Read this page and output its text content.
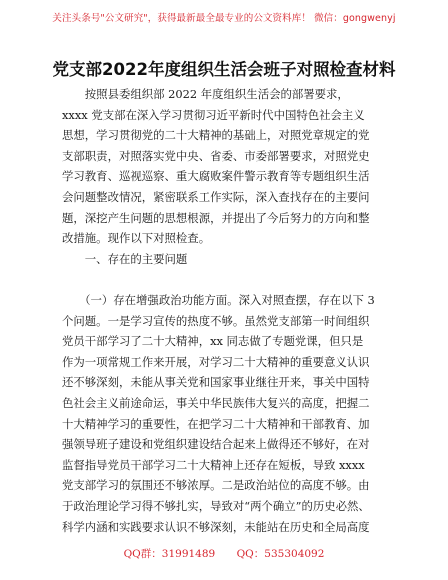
关注头条号"公文研究"，获得最新最全最专业的公文资料库！ 微信：gongwenyj
党支部2022年度组织生活会班子对照检查材料
　　按照县委组织部 2022 年度组织生活会的部署要求，
xxxx 党支部在深入学习贯彻习近平新时代中国特色社会主义
思想，学习贯彻党的二十大精神的基础上，对照党章规定的党
支部职责，对照落实党中央、省委、市委部署要求，对照党史
学习教育、巡视巡察、重大腐败案件警示教育等专题组织生活
会问题整改情况，紧密联系工作实际，深入查找存在的主要问
题，深挖产生问题的思想根源，并提出了今后努力的方向和整
改措施。现作以下对照检查。
　　一、存在的主要问题
　　（一）存在增强政治功能方面。深入对照查摆，存在以下 3
个问题。一是学习宣传的热度不够。虽然党支部第一时间组织
党员干部学习了二十大精神，xx 同志做了专题党课，但只是
作为一项常规工作来开展，对学习二十大精神的重要意义认识
还不够深刻，未能从事关党和国家事业继往开来，事关中国特
色社会主义前途命运，事关中华民族伟大复兴的高度，把握二
十大精神学习的重要性，在把学习二十大精神和干部教育、加
强领导班子建设和党组织建设结合起来上做得还不够好，在对
监督指导党员干部学习二十大精神上还存在短板，导致 xxxx
党支部学习的氛围还不够浓厚。二是政治站位的高度不够。由
于政治理论学习得不够扎实，导致对“两个确立”的历史必然、
科学内涵和实践要求认识不够深刻，未能站在历史和全局高度
QQ群：31991489 QQ：535304092
